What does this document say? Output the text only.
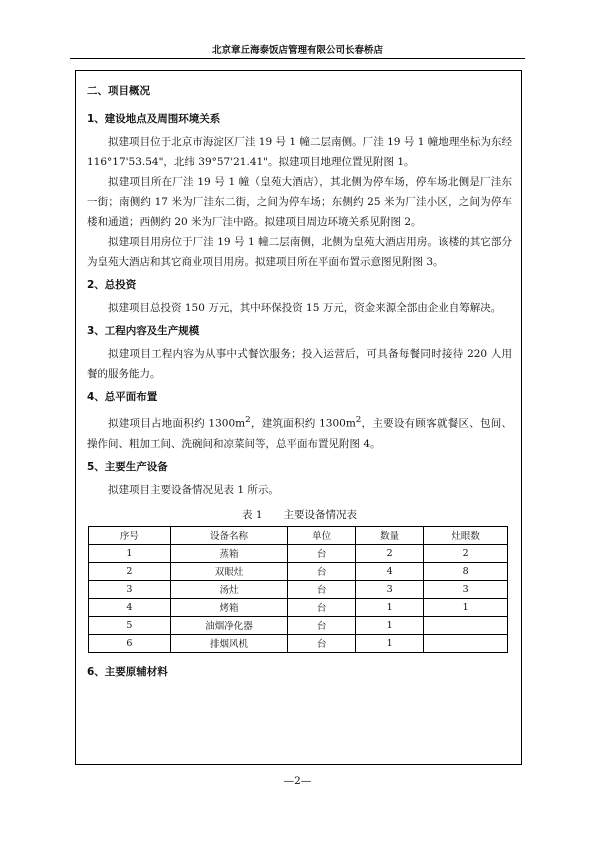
北京章丘海泰饭店管理有限公司长春桥店
二、项目概况
1、建设地点及周围环境关系

拟建项目位于北京市海淀区厂洼 19 号 1 幢二层南侧。厂洼 19 号 1 幢地理坐标为东经 116°17'53.54"，北纬 39°57'21.41"。拟建项目地理位置见附图 1。

拟建项目所在厂洼 19 号 1 幢（皇苑大酒店），其北侧为停车场，停车场北侧是厂洼东一街；南侧约 17 米为厂洼东二街，之间为停车场；东侧约 25 米为厂洼小区，之间为停车楼和通道；西侧约 20 米为厂洼中路。拟建项目周边环境关系见附图 2。

拟建项目用房位于厂洼 19 号 1 幢二层南侧，北侧为皇苑大酒店用房。该楼的其它部分为皇苑大酒店和其它商业项目用房。拟建项目所在平面布置示意图见附图 3。

2、总投资

拟建项目总投资 150 万元，其中环保投资 15 万元，资金来源全部由企业自筹解决。

3、工程内容及生产规模

拟建项目工程内容为从事中式餐饮服务；投入运营后，可具备每餐同时接待 220 人用餐的服务能力。

4、总平面布置

拟建项目占地面积约 $1300m^2$，建筑面积约 $1300m^2$，主要设有顾客就餐区、包间、操作间、粗加工间、洗碗间和凉菜间等，总平面布置见附图 4。

5、主要生产设备

拟建项目主要设备情况见表 1 所示。

表 1　　主要设备情况表
序号	设备名称	单位	数量	灶眼数
1	蒸箱	台	2	2
2	双眼灶	台	4	8
3	汤灶	台	3	3
4	烤箱	台	1	1
5	油烟净化器	台	1	
6	排烟风机	台	1	
6、主要原辅材料
—2—
